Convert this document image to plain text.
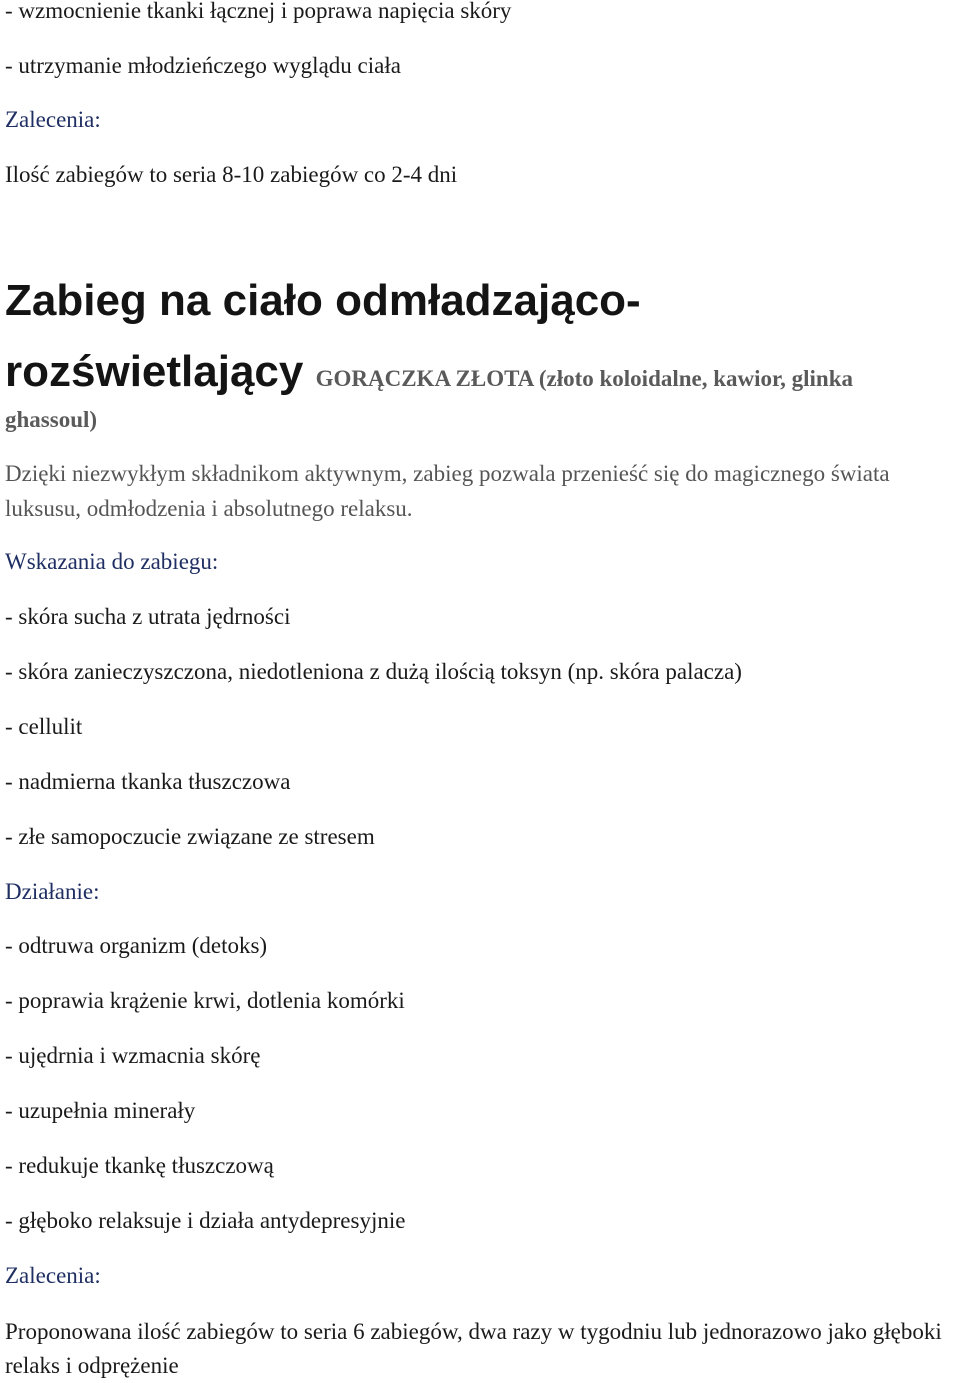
- wzmocnienie tkanki łącznej i poprawa napięcia skóry

- utrzymanie młodzieńczego wyglądu ciała

Zalecenia:

Ilość zabiegów to seria 8-10 zabiegów co 2-4 dni

Zabieg na ciało odmładzająco-
rozświetlający GORĄCZKA ZŁOTA (złoto koloidalne, kawior, glinka

ghassoul)

Dzięki niezwykłym składnikom aktywnym, zabieg pozwala przenieść się do magicznego świata luksusu, odmłodzenia i absolutnego relaksu.

Wskazania do zabiegu:

- skóra sucha z utrata jędrności

- skóra zanieczyszczona, niedotleniona z dużą ilością toksyn (np. skóra palacza)

- cellulit

- nadmierna tkanka tłuszczowa

- złe samopoczucie związane ze stresem

Działanie:

- odtruwa organizm (detoks)

- poprawia krążenie krwi, dotlenia komórki

- ujędrnia i wzmacnia skórę

- uzupełnia minerały

- redukuje tkankę tłuszczową

- głęboko relaksuje i działa antydepresyjnie

Zalecenia:

Proponowana ilość zabiegów to seria 6 zabiegów, dwa razy w tygodniu lub jednorazowo jako głęboki relaks i odprężenie
